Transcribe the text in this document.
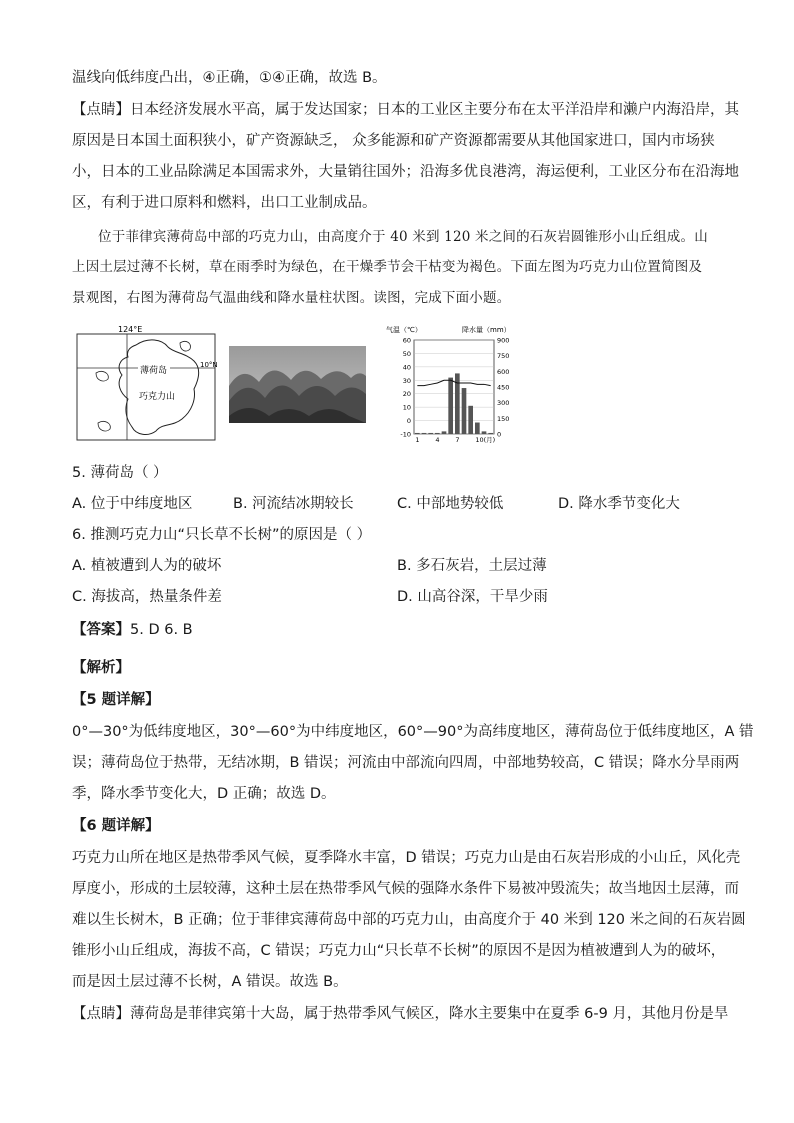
温线向低纬度凸出，④正确，①④正确，故选 B。
【点睛】日本经济发展水平高，属于发达国家；日本的工业区主要分布在太平洋沿岸和濑户内海沿岸，其
原因是日本国土面积狭小，矿产资源缺乏， 众多能源和矿产资源都需要从其他国家进口，国内市场狭
小，日本的工业品除满足本国需求外，大量销往国外；沿海多优良港湾，海运便利，工业区分布在沿海地
区，有利于进口原料和燃料，出口工业制成品。
位于菲律宾薄荷岛中部的巧克力山，由高度介于 40 米到 120 米之间的石灰岩圆锥形小山丘组成。山
上因土层过薄不长树，草在雨季时为绿色，在干燥季节会干枯变为褐色。下面左图为巧克力山位置简图及
景观图，右图为薄荷岛气温曲线和降水量柱状图。读图，完成下面小题。
124°E
10°N
薄荷岛
巧克力山
气温（℃）	降水量（mm）
-10
0
10
20
30
40
50
60
0
150
300
450
600
750
900
1 4 7 10(月)
5. 薄荷岛（ ）
A. 位于中纬度地区	B. 河流结冰期较长	C. 中部地势较低	D. 降水季节变化大
6. 推测巧克力山“只长草不长树”的原因是（ ）
A. 植被遭到人为的破坏	B. 多石灰岩，土层过薄
C. 海拔高，热量条件差	D. 山高谷深，干旱少雨
【答案】5. D 6. B
【解析】
【5 题详解】
0°—30°为低纬度地区，30°—60°为中纬度地区，60°—90°为高纬度地区，薄荷岛位于低纬度地区，A 错
误；薄荷岛位于热带，无结冰期，B 错误；河流由中部流向四周，中部地势较高，C 错误；降水分旱雨两
季，降水季节变化大，D 正确；故选 D。
【6 题详解】
巧克力山所在地区是热带季风气候，夏季降水丰富，D 错误；巧克力山是由石灰岩形成的小山丘，风化壳
厚度小，形成的土层较薄，这种土层在热带季风气候的强降水条件下易被冲毁流失；故当地因土层薄，而
难以生长树木，B 正确；位于菲律宾薄荷岛中部的巧克力山，由高度介于 40 米到 120 米之间的石灰岩圆
锥形小山丘组成，海拔不高，C 错误；巧克力山“只长草不长树”的原因不是因为植被遭到人为的破坏，
而是因土层过薄不长树，A 错误。故选 B。
【点睛】薄荷岛是菲律宾第十大岛，属于热带季风气候区，降水主要集中在夏季 6-9 月，其他月份是旱
